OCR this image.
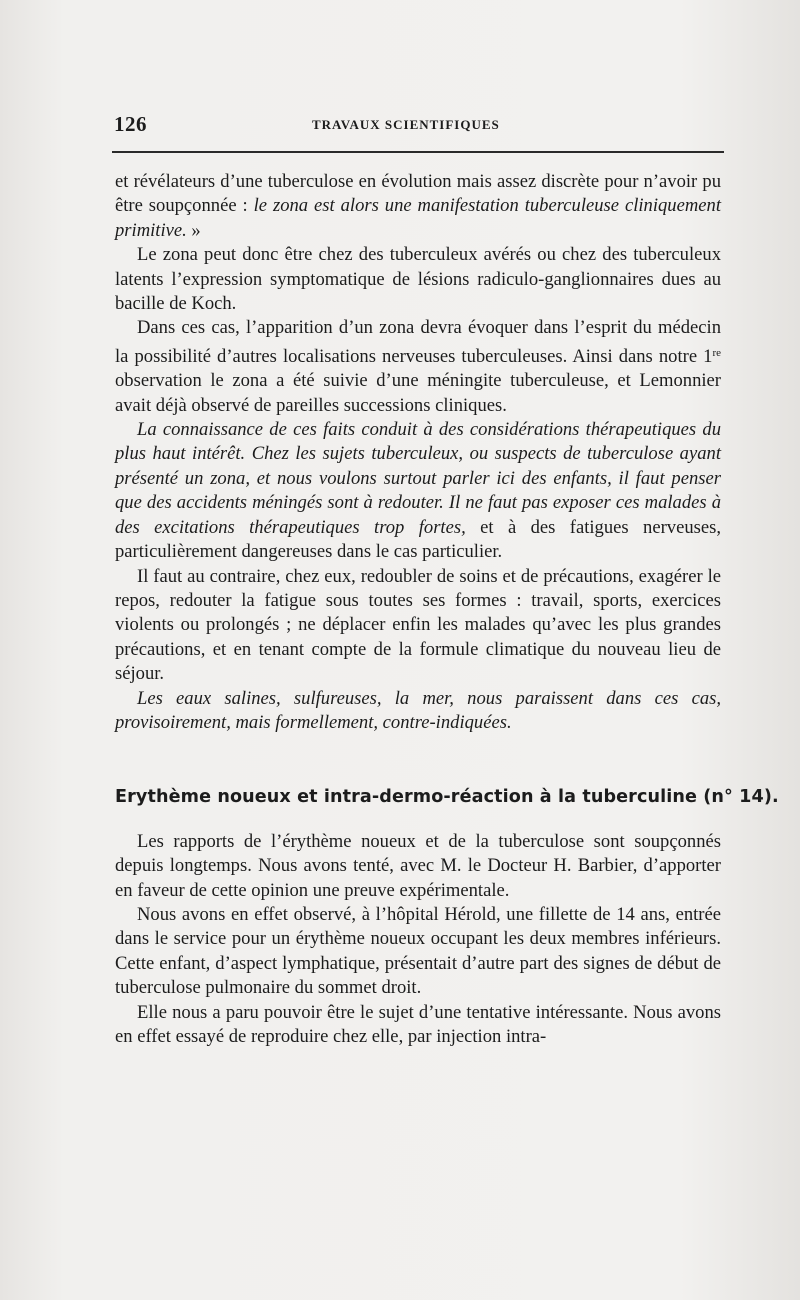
126	TRAVAUX SCIENTIFIQUES

et révélateurs d’une tuberculose en évolution mais assez discrète pour n’avoir pu être soupçonnée : le zona est alors une manifestation tuberculeuse cliniquement primitive. »

Le zona peut donc être chez des tuberculeux avérés ou chez des tuberculeux latents l’expression symptomatique de lésions radiculo-ganglionnaires dues au bacille de Koch.

Dans ces cas, l’apparition d’un zona devra évoquer dans l’esprit du médecin la possibilité d’autres localisations nerveuses tuberculeuses. Ainsi dans notre 1re observation le zona a été suivie d’une méningite tuberculeuse, et Lemonnier avait déjà observé de pareilles successions cliniques.

La connaissance de ces faits conduit à des considérations thérapeutiques du plus haut intérêt. Chez les sujets tuberculeux, ou suspects de tuberculose ayant présenté un zona, et nous voulons surtout parler ici des enfants, il faut penser que des accidents méningés sont à redouter. Il ne faut pas exposer ces malades à des excitations thérapeutiques trop fortes, et à des fatigues nerveuses, particulièrement dangereuses dans le cas particulier.

Il faut au contraire, chez eux, redoubler de soins et de précautions, exagérer le repos, redouter la fatigue sous toutes ses formes : travail, sports, exercices violents ou prolongés ; ne déplacer enfin les malades qu’avec les plus grandes précautions, et en tenant compte de la formule climatique du nouveau lieu de séjour.

Les eaux salines, sulfureuses, la mer, nous paraissent dans ces cas, provisoirement, mais formellement, contre-indiquées.

Erythème noueux et intra-dermo-réaction à la tuberculine (n° 14).

Les rapports de l’érythème noueux et de la tuberculose sont soupçonnés depuis longtemps. Nous avons tenté, avec M. le Docteur H. Barbier, d’apporter en faveur de cette opinion une preuve expérimentale.

Nous avons en effet observé, à l’hôpital Hérold, une fillette de 14 ans, entrée dans le service pour un érythème noueux occupant les deux membres inférieurs. Cette enfant, d’aspect lymphatique, présentait d’autre part des signes de début de tuberculose pulmonaire du sommet droit.

Elle nous a paru pouvoir être le sujet d’une tentative intéressante. Nous avons en effet essayé de reproduire chez elle, par injection intra-
